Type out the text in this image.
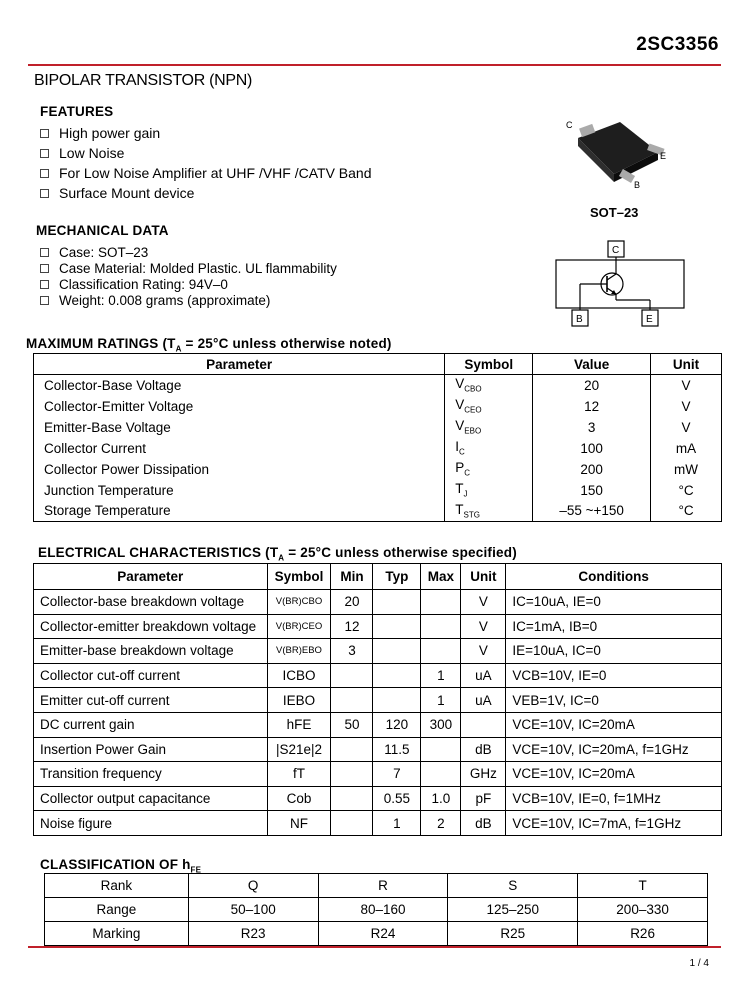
2SC3356
BIPOLAR TRANSISTOR (NPN)
FEATURES
High power gain
Low Noise
For Low Noise Amplifier at UHF /VHF /CATV Band
Surface Mount device
C
E
B
SOT–23
C
B	E
MECHANICAL DATA
Case: SOT–23
Case Material: Molded Plastic. UL flammability
Classification Rating: 94V–0
Weight: 0.008 grams (approximate)
MAXIMUM RATINGS ($T_A = 25^\circ C$ unless otherwise noted)
Parameter	Symbol	Value	Unit
Collector-Base Voltage	$V_{CBO}$	20	V
Collector-Emitter Voltage	$V_{CEO}$	12	V
Emitter-Base Voltage	$V_{EBO}$	3	V
Collector Current	$I_C$	100	mA
Collector Power Dissipation	$P_C$	200	mW
Junction Temperature	$T_J$	150	°C
Storage Temperature	$T_{STG}$	–55 ~+150	°C
ELECTRICAL CHARACTERISTICS ($T_A = 25^\circ C$ unless otherwise specified)
Parameter	Symbol	Min	Typ	Max	Unit	Conditions
Collector-base breakdown voltage	V(BR)CBO	20			V	IC=10uA, IE=0
Collector-emitter breakdown voltage	V(BR)CEO	12			V	IC=1mA, IB=0
Emitter-base breakdown voltage	V(BR)EBO	3			V	IE=10uA, IC=0
Collector cut-off current	ICBO			1	uA	VCB=10V, IE=0
Emitter cut-off current	IEBO			1	uA	VEB=1V, IC=0
DC current gain	hFE	50	120	300		VCE=10V, IC=20mA
Insertion Power Gain	|S21e|2		11.5		dB	VCE=10V, IC=20mA, f=1GHz
Transition frequency	fT		7		GHz	VCE=10V, IC=20mA
Collector output capacitance	Cob		0.55	1.0	pF	VCB=10V, IE=0, f=1MHz
Noise figure	NF		1	2	dB	VCE=10V, IC=7mA, f=1GHz
CLASSIFICATION OF $h_{FE}$
Rank	Q	R	S	T
Range	50–100	80–160	125–250	200–330
Marking	R23	R24	R25	R26
1 / 4
